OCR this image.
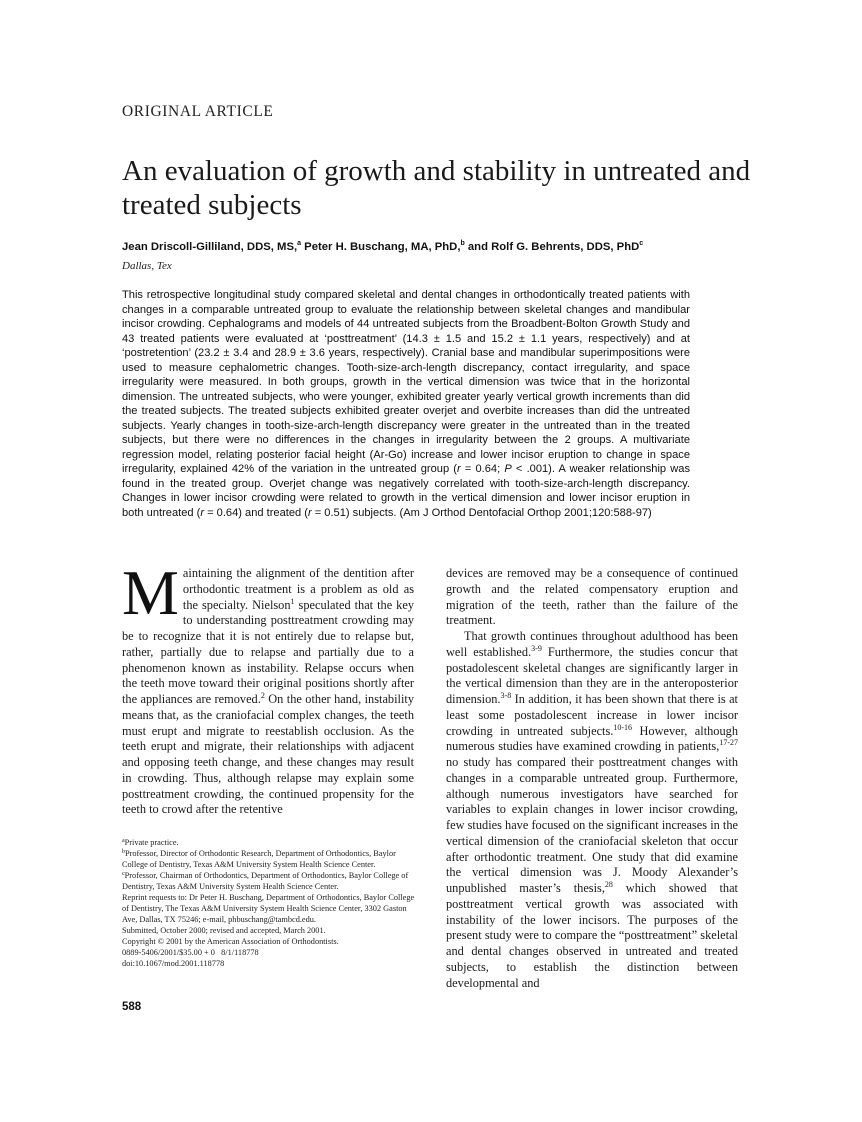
ORIGINAL ARTICLE
An evaluation of growth and stability in untreated and treated subjects
Jean Driscoll-Gilliland, DDS, MS,$^a$ Peter H. Buschang, MA, PhD,$^b$ and Rolf G. Behrents, DDS, PhD$^c$
Dallas, Tex
This retrospective longitudinal study compared skeletal and dental changes in orthodontically treated patients with changes in a comparable untreated group to evaluate the relationship between skeletal changes and mandibular incisor crowding. Cephalograms and models of 44 untreated subjects from the Broadbent-Bolton Growth Study and 43 treated patients were evaluated at ‘posttreatment’ (14.3 ± 1.5 and 15.2 ± 1.1 years, respectively) and at ‘postretention’ (23.2 ± 3.4 and 28.9 ± 3.6 years, respectively). Cranial base and mandibular superimpositions were used to measure cephalometric changes. Tooth-size-arch-length discrepancy, contact irregularity, and space irregularity were measured. In both groups, growth in the vertical dimension was twice that in the horizontal dimension. The untreated subjects, who were younger, exhibited greater yearly vertical growth increments than did the treated subjects. The treated subjects exhibited greater overjet and overbite increases than did the untreated subjects. Yearly changes in tooth-size-arch-length discrepancy were greater in the untreated than in the treated subjects, but there were no differences in the changes in irregularity between the 2 groups. A multivariate regression model, relating posterior facial height (Ar-Go) increase and lower incisor eruption to change in space irregularity, explained 42% of the variation in the untreated group (r = 0.64; P < .001). A weaker relationship was found in the treated group. Overjet change was negatively correlated with tooth-size-arch-length discrepancy. Changes in lower incisor crowding were related to growth in the vertical dimension and lower incisor eruption in both untreated (r = 0.64) and treated (r = 0.51) subjects. (Am J Orthod Dentofacial Orthop 2001;120:588-97)

Maintaining the alignment of the dentition after orthodontic treatment is a problem as old as the specialty. Nielson$^1$ speculated that the key to understanding posttreatment crowding may be to recognize that it is not entirely due to relapse but, rather, partially due to relapse and partially due to a phenomenon known as instability. Relapse occurs when the teeth move toward their original positions shortly after the appliances are removed.$^2$ On the other hand, instability means that, as the craniofacial complex changes, the teeth must erupt and migrate to reestablish occlusion. As the teeth erupt and migrate, their relationships with adjacent and opposing teeth change, and these changes may result in crowding. Thus, although relapse may explain some posttreatment crowding, the continued propensity for the teeth to crowd after the retentive

devices are removed may be a consequence of continued growth and the related compensatory eruption and migration of the teeth, rather than the failure of the treatment.

That growth continues throughout adulthood has been well established.$^{3-9}$ Furthermore, the studies concur that postadolescent skeletal changes are significantly larger in the vertical dimension than they are in the anteroposterior dimension.$^{3-8}$ In addition, it has been shown that there is at least some postadolescent increase in lower incisor crowding in untreated subjects.$^{10-16}$ However, although numerous studies have examined crowding in patients,$^{17-27}$ no study has compared their posttreatment changes with changes in a comparable untreated group. Furthermore, although numerous investigators have searched for variables to explain changes in lower incisor crowding, few studies have focused on the significant increases in the vertical dimension of the craniofacial skeleton that occur after orthodontic treatment. One study that did examine the vertical dimension was J. Moody Alexander’s unpublished master’s thesis,$^{28}$ which showed that posttreatment vertical growth was associated with instability of the lower incisors. The purposes of the present study were to compare the “posttreatment” skeletal and dental changes observed in untreated and treated subjects, to establish the distinction between developmental and

$^a$Private practice.
$^b$Professor, Director of Orthodontic Research, Department of Orthodontics, Baylor College of Dentistry, Texas A&M University System Health Science Center.
$^c$Professor, Chairman of Orthodontics, Department of Orthodontics, Baylor College of Dentistry, Texas A&M University System Health Science Center.
Reprint requests to: Dr Peter H. Buschang, Department of Orthodontics, Baylor College of Dentistry, The Texas A&M University System Health Science Center, 3302 Gaston Ave, Dallas, TX 75246; e-mail, phbuschang@tambcd.edu.
Submitted, October 2000; revised and accepted, March 2001.
Copyright © 2001 by the American Association of Orthodontists.
0889-5406/2001/$35.00 + 0   8/1/118778
doi:10.1067/mod.2001.118778
588
